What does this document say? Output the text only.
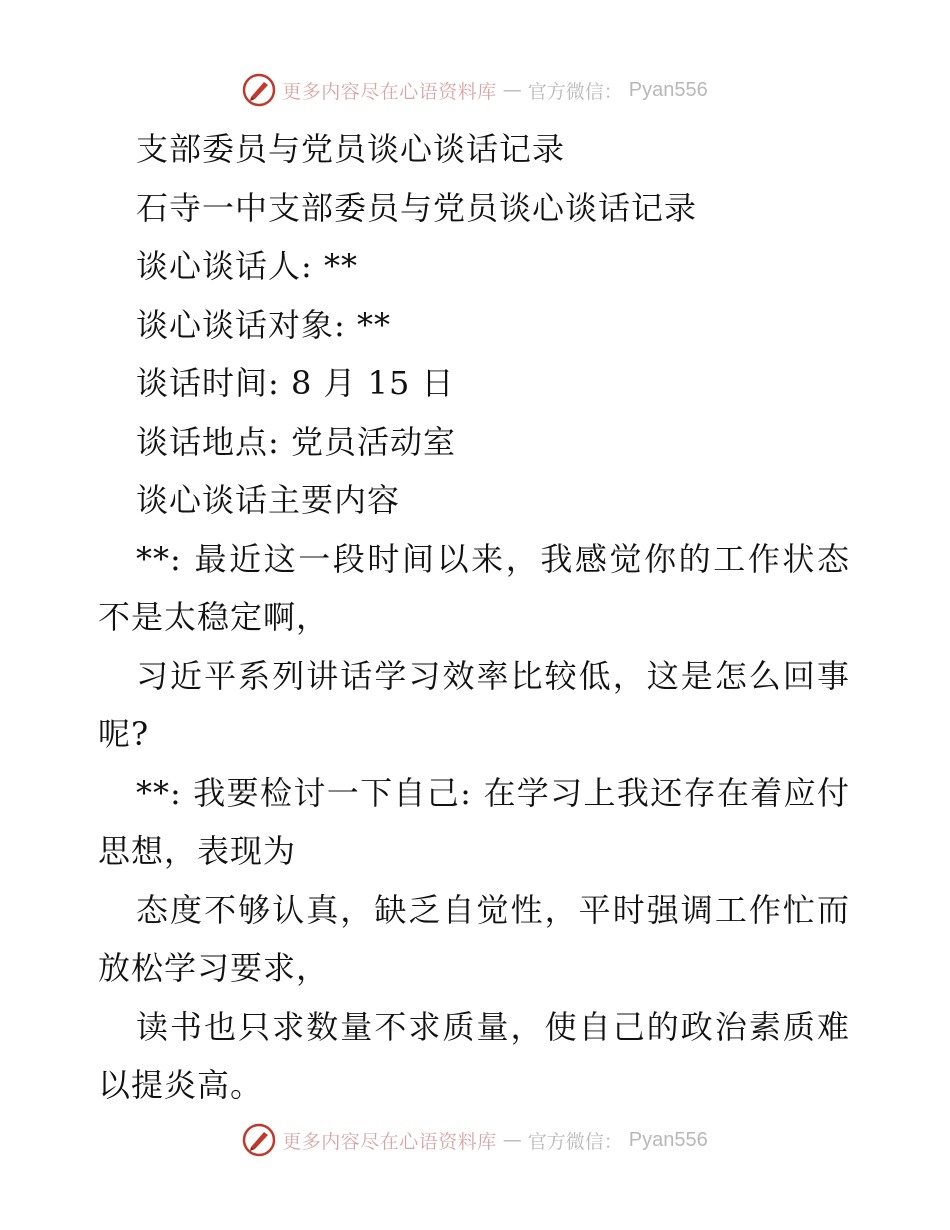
更多内容尽在心语资料库 — 官方微信： Pyan556

支部委员与党员谈心谈话记录

石寺一中支部委员与党员谈心谈话记录

谈心谈话人: **

谈心谈话对象: **

谈话时间: 8 月 15 日

谈话地点: 党员活动室

谈心谈话主要内容

**: 最近这一段时间以来，我感觉你的工作状态不是太稳定啊，

习近平系列讲话学习效率比较低，这是怎么回事呢?

**: 我要检讨一下自己: 在学习上我还存在着应付思想，表现为

态度不够认真，缺乏自觉性，平时强调工作忙而放松学习要求，

读书也只求数量不求质量，使自己的政治素质难以提炎高。

更多内容尽在心语资料库 — 官方微信： Pyan556
